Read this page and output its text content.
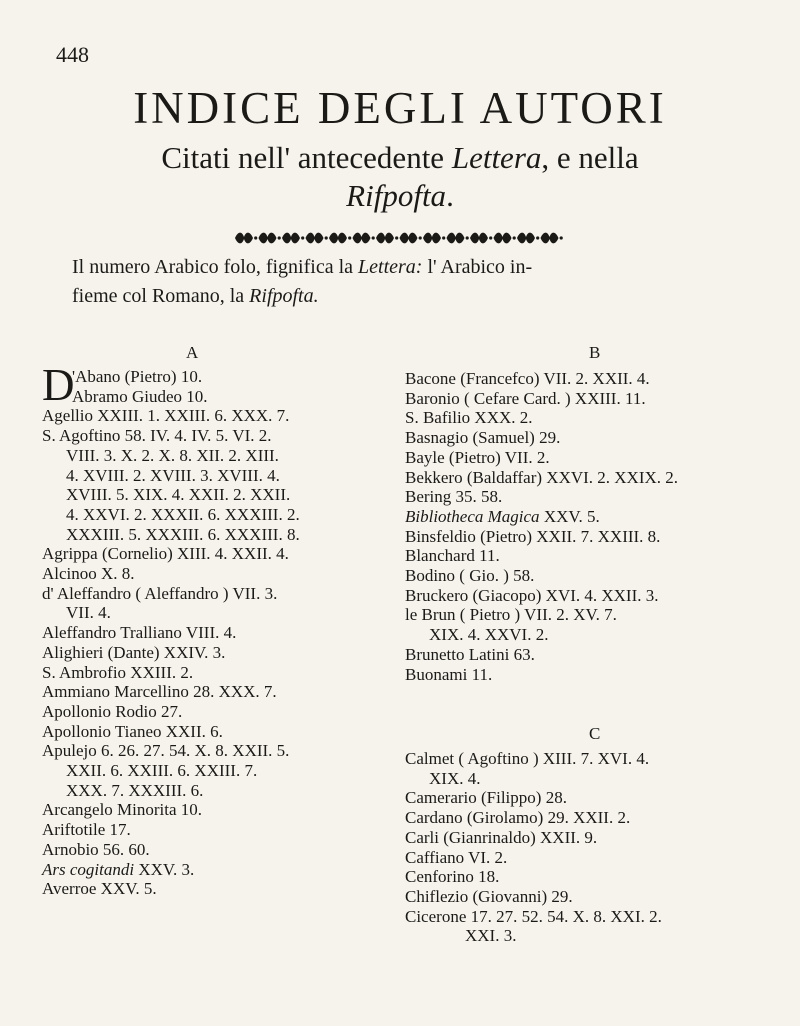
448
INDICE DEGLI AUTORI
Citati nell' antecedente Lettera, e nella
Rifpofta.
Il numero Arabico folo, fignifica la Lettera: l' Arabico in-
fieme col Romano, la Rifpofta.
A	B
C
D
'Abano (Pietro) 10.
Abramo Giudeo 10.
Agellio XXIII. 1. XXIII. 6. XXX. 7.
S. Agoftino 58. IV. 4. IV. 5. VI. 2.
VIII. 3. X. 2. X. 8. XII. 2. XIII.
4. XVIII. 2. XVIII. 3. XVIII. 4.
XVIII. 5. XIX. 4. XXII. 2. XXII.
4. XXVI. 2. XXXII. 6. XXXIII. 2.
XXXIII. 5. XXXIII. 6. XXXIII. 8.
Agrippa (Cornelio) XIII. 4. XXII. 4.
Alcinoo X. 8.
d' Aleffandro ( Aleffandro ) VII. 3.
VII. 4.
Aleffandro Tralliano VIII. 4.
Alighieri (Dante) XXIV. 3.
S. Ambrofio XXIII. 2.
Ammiano Marcellino 28. XXX. 7.
Apollonio Rodio 27.
Apollonio Tianeo XXII. 6.
Apulejo 6. 26. 27. 54. X. 8. XXII. 5.
XXII. 6. XXIII. 6. XXIII. 7.
XXX. 7. XXXIII. 6.
Arcangelo Minorita 10.
Ariftotile 17.
Arnobio 56. 60.
Ars cogitandi XXV. 3.
Averroe XXV. 5.
Bacone (Francefco) VII. 2. XXII. 4.
Baronio ( Cefare Card. ) XXIII. 11.
S. Bafilio XXX. 2.
Basnagio (Samuel) 29.
Bayle (Pietro) VII. 2.
Bekkero (Baldaffar) XXVI. 2. XXIX. 2.
Bering 35. 58.
Bibliotheca Magica XXV. 5.
Binsfeldio (Pietro) XXII. 7. XXIII. 8.
Blanchard 11.
Bodino ( Gio. ) 58.
Bruckero (Giacopo) XVI. 4. XXII. 3.
le Brun ( Pietro ) VII. 2. XV. 7.
XIX. 4. XXVI. 2.
Brunetto Latini 63.
Buonami 11.
Calmet ( Agoftino ) XIII. 7. XVI. 4.
XIX. 4.
Camerario (Filippo) 28.
Cardano (Girolamo) 29. XXII. 2.
Carli (Gianrinaldo) XXII. 9.
Caffiano VI. 2.
Cenforino 18.
Chiflezio (Giovanni) 29.
Cicerone 17. 27. 52. 54. X. 8. XXI. 2.
XXI. 3.
